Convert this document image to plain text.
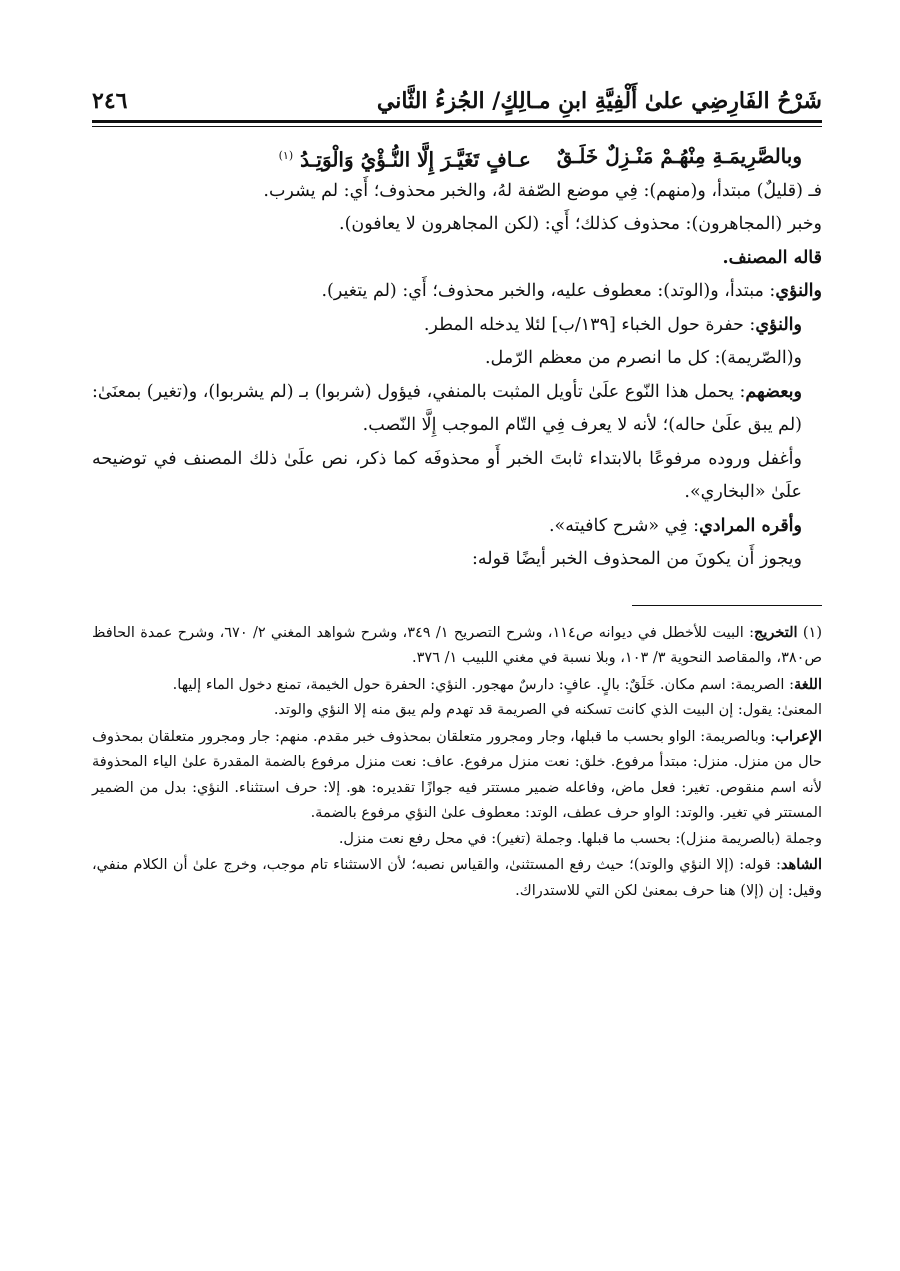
شَرْحُ الفَارِضِي علىٰ أَلْفِيَّةِ ابنِ مـالِكٍ/ الجُزءُ الثَّاني
٢٤٦
وبالصَّرِيمَـةِ مِنْهُـمْ مَنْـزِلٌ خَلَـقٌ
عـافٍ تَغَيَّـرَ إِلَّا النُّـؤْيُ وَالْوَتِـدُ $^{(١)}$

فـ (قليلٌ) مبتدأ، و(منهم): فِي موضع الصّفة لهُ، والخبر محذوف؛ أَي: لم يشرب.

وخبر (المجاهرون): محذوف كذلك؛ أَي: (لكن المجاهرون لا يعافون).

قاله المصنف.

والنؤي: مبتدأ، و(الوتد): معطوف عليه، والخبر محذوف؛ أَي: (لم يتغير).

والنؤي: حفرة حول الخباء [١٣٩/ب] لئلا يدخله المطر.

و(الصّريمة): كل ما انصرم من معظم الرّمل.

وبعضهم: يحمل هذا النّوع علَىٰ تأويل المثبت بالمنفي، فيؤول (شربوا) بـ (لم يشربوا)، و(تغير) بمعنَىٰ: (لم يبق علَىٰ حاله)؛ لأنه لا يعرف فِي التّام الموجب إِلَّا النّصب.

وأغفل وروده مرفوعًا بالابتداء ثابتَ الخبر أَو محذوفَه كما ذكر، نص علَىٰ ذلك المصنف في توضيحه علَىٰ «البخاري».

وأقره المرادي: فِي «شرح كافيته».

ويجوز أَن يكونَ من المحذوف الخبر أيضًا قوله:

(١) التخريج: البيت للأخطل في ديوانه ص١١٤، وشرح التصريح ١/ ٣٤٩، وشرح شواهد المغني ٢/ ٦٧٠، وشرح عمدة الحافظ ص٣٨٠، والمقاصد النحوية ٣/ ١٠٣، وبلا نسبة في مغني اللبيب ١/ ٣٧٦.

اللغة: الصريمة: اسم مكان. خَلَقٌ: بالٍ. عافٍ: دارسٌ مهجور. النؤي: الحفرة حول الخيمة، تمنع دخول الماء إليها.

المعنىٰ: يقول: إن البيت الذي كانت تسكنه في الصريمة قد تهدم ولم يبق منه إلا النؤي والوتد.

الإعراب: وبالصريمة: الواو بحسب ما قبلها، وجار ومجرور متعلقان بمحذوف خبر مقدم. منهم: جار ومجرور متعلقان بمحذوف حال من منزل. منزل: مبتدأ مرفوع. خلق: نعت منزل مرفوع. عاف: نعت منزل مرفوع بالضمة المقدرة علىٰ الياء المحذوفة لأنه اسم منقوص. تغير: فعل ماض، وفاعله ضمير مستتر فيه جوازًا تقديره: هو. إلا: حرف استثناء. النؤي: بدل من الضمير المستتر في تغير. والوتد: الواو حرف عطف، الوتد: معطوف علىٰ النؤي مرفوع بالضمة.

وجملة (بالصريمة منزل): بحسب ما قبلها. وجملة (تغير): في محل رفع نعت منزل.

الشاهد: قوله: (إلا النؤي والوتد)؛ حيث رفع المستثنىٰ، والقياس نصبه؛ لأن الاستثناء تام موجب، وخرج علىٰ أن الكلام منفي، وقيل: إن (إلا) هنا حرف بمعنىٰ لكن التي للاستدراك.
